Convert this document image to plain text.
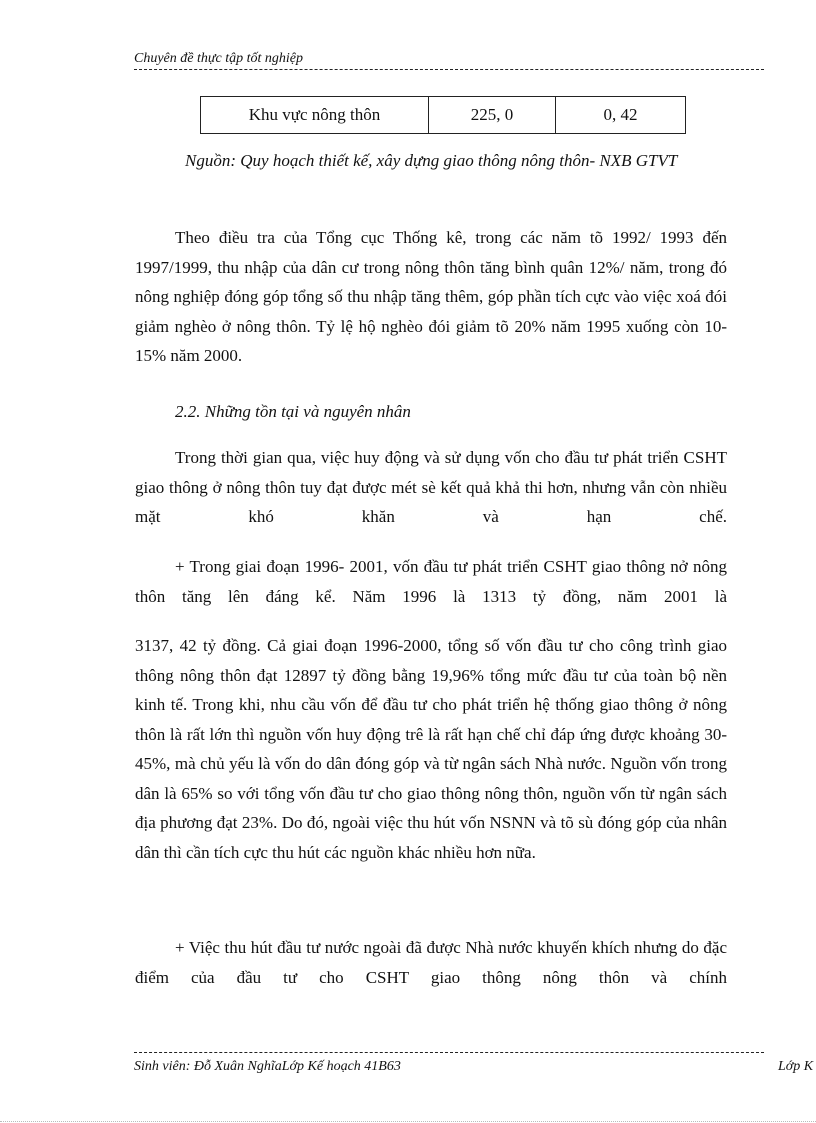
Chuyên đề thực tập tốt nghiệp
Khu vực nông thôn	225, 0	0, 42

Nguồn: Quy hoạch thiết kế, xây dựng giao thông nông thôn- NXB GTVT

Theo điều tra của Tổng cục Thống kê, trong các năm tõ 1992/ 1993 đến 1997/1999, thu nhập của dân cư trong nông thôn tăng bình quân 12%/ năm, trong đó nông nghiệp đóng góp tổng số thu nhập tăng thêm, góp phần tích cực vào việc xoá đói giảm nghèo ở nông thôn. Tỷ lệ hộ nghèo đói giảm tõ 20% năm 1995 xuống còn 10-15% năm 2000.

2.2. Những tồn tại và nguyên nhân

Trong thời gian qua, việc huy động và sử dụng vốn cho đầu tư phát triển CSHT giao thông ở nông thôn tuy đạt được mét sè kết quả khả thi hơn, nhưng vẫn còn nhiều mặt khó khăn và hạn chế.

+ Trong giai đoạn 1996- 2001, vốn đầu tư phát triển CSHT giao thông nở nông thôn tăng lên đáng kể. Năm 1996 là 1313 tỷ đồng, năm 2001 là

3137, 42 tỷ đồng. Cả giai đoạn 1996-2000, tổng số vốn đầu tư cho công trình giao thông nông thôn đạt 12897 tỷ đồng bằng 19,96% tổng mức đầu tư của toàn bộ nền kinh tế. Trong khi, nhu cầu vốn để đầu tư cho phát triển hệ thống giao thông ở nông thôn là rất lớn thì nguồn vốn huy động trê là rất hạn chế chỉ đáp ứng được khoảng 30-45%, mà chủ yếu là vốn do dân đóng góp và từ ngân sách Nhà nước. Nguồn vốn trong dân là 65% so với tổng vốn đầu tư cho giao thông nông thôn, nguồn vốn từ ngân sách địa phương đạt 23%. Do đó, ngoài việc thu hút vốn NSNN và tõ sù đóng góp của nhân dân thì cần tích cực thu hút các nguồn khác nhiều hơn nữa.

+ Việc thu hút đầu tư nước ngoài đã được Nhà nước khuyến khích nhưng do đặc điểm của đầu tư cho CSHT giao thông nông thôn và chính

Sinh viên: Đỗ Xuân NghĩaLớp Kế hoạch 41B63	Lớp K
